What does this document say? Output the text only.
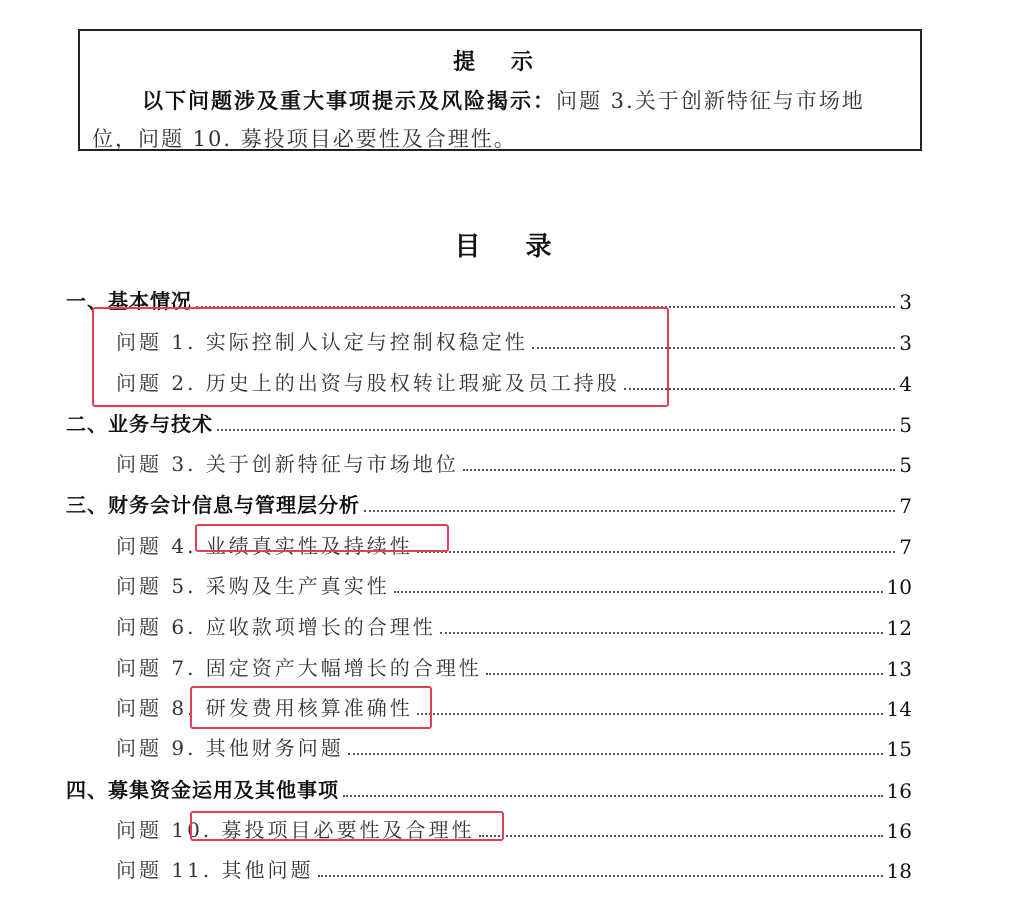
提 示
以下问题涉及重大事项提示及风险揭示：问题 3.关于创新特征与市场地
位，问题 10. 募投项目必要性及合理性。
目 录
一、基本情况	3
问题 1. 实际控制人认定与控制权稳定性	3
问题 2. 历史上的出资与股权转让瑕疵及员工持股	4
二、业务与技术	5
问题 3. 关于创新特征与市场地位	5
三、财务会计信息与管理层分析	7
问题 4. 业绩真实性及持续性	7
问题 5. 采购及生产真实性	10
问题 6. 应收款项增长的合理性	12
问题 7. 固定资产大幅增长的合理性	13
问题 8. 研发费用核算准确性	14
问题 9. 其他财务问题	15
四、募集资金运用及其他事项	16
问题 10. 募投项目必要性及合理性	16
问题 11. 其他问题	18
